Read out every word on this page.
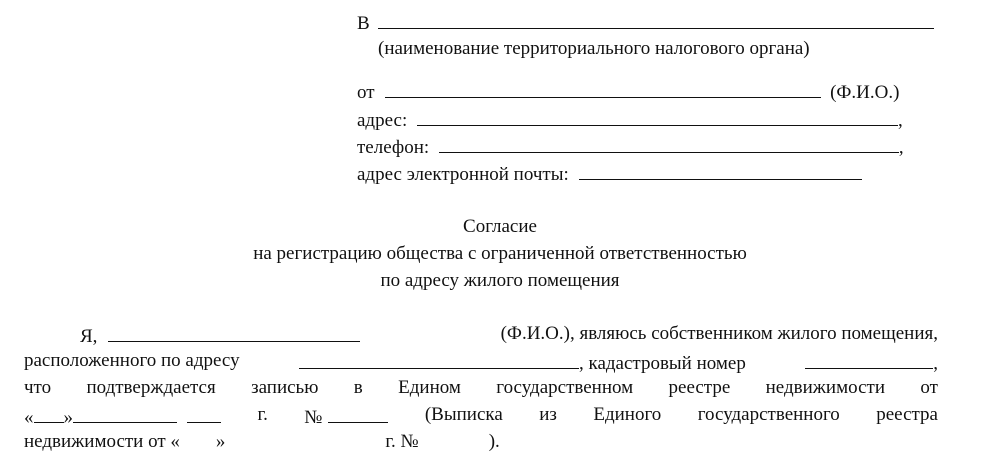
В
(наименование территориального налогового органа)
от	(Ф.И.О.)
адрес:	,
телефон:	,
адрес электронной почты:
Согласие
на регистрацию общества с ограниченной ответственностью
по адресу жилого помещения
Я,	(Ф.И.О.), являюсь собственником жилого помещения,
расположенного по адресу	, кадастровый номер	,
что подтверждается записью в Едином государственном реестре недвижимости от
« »	г. №	(Выписка из Единого государственного реестра
недвижимости от « »	г. №	).
